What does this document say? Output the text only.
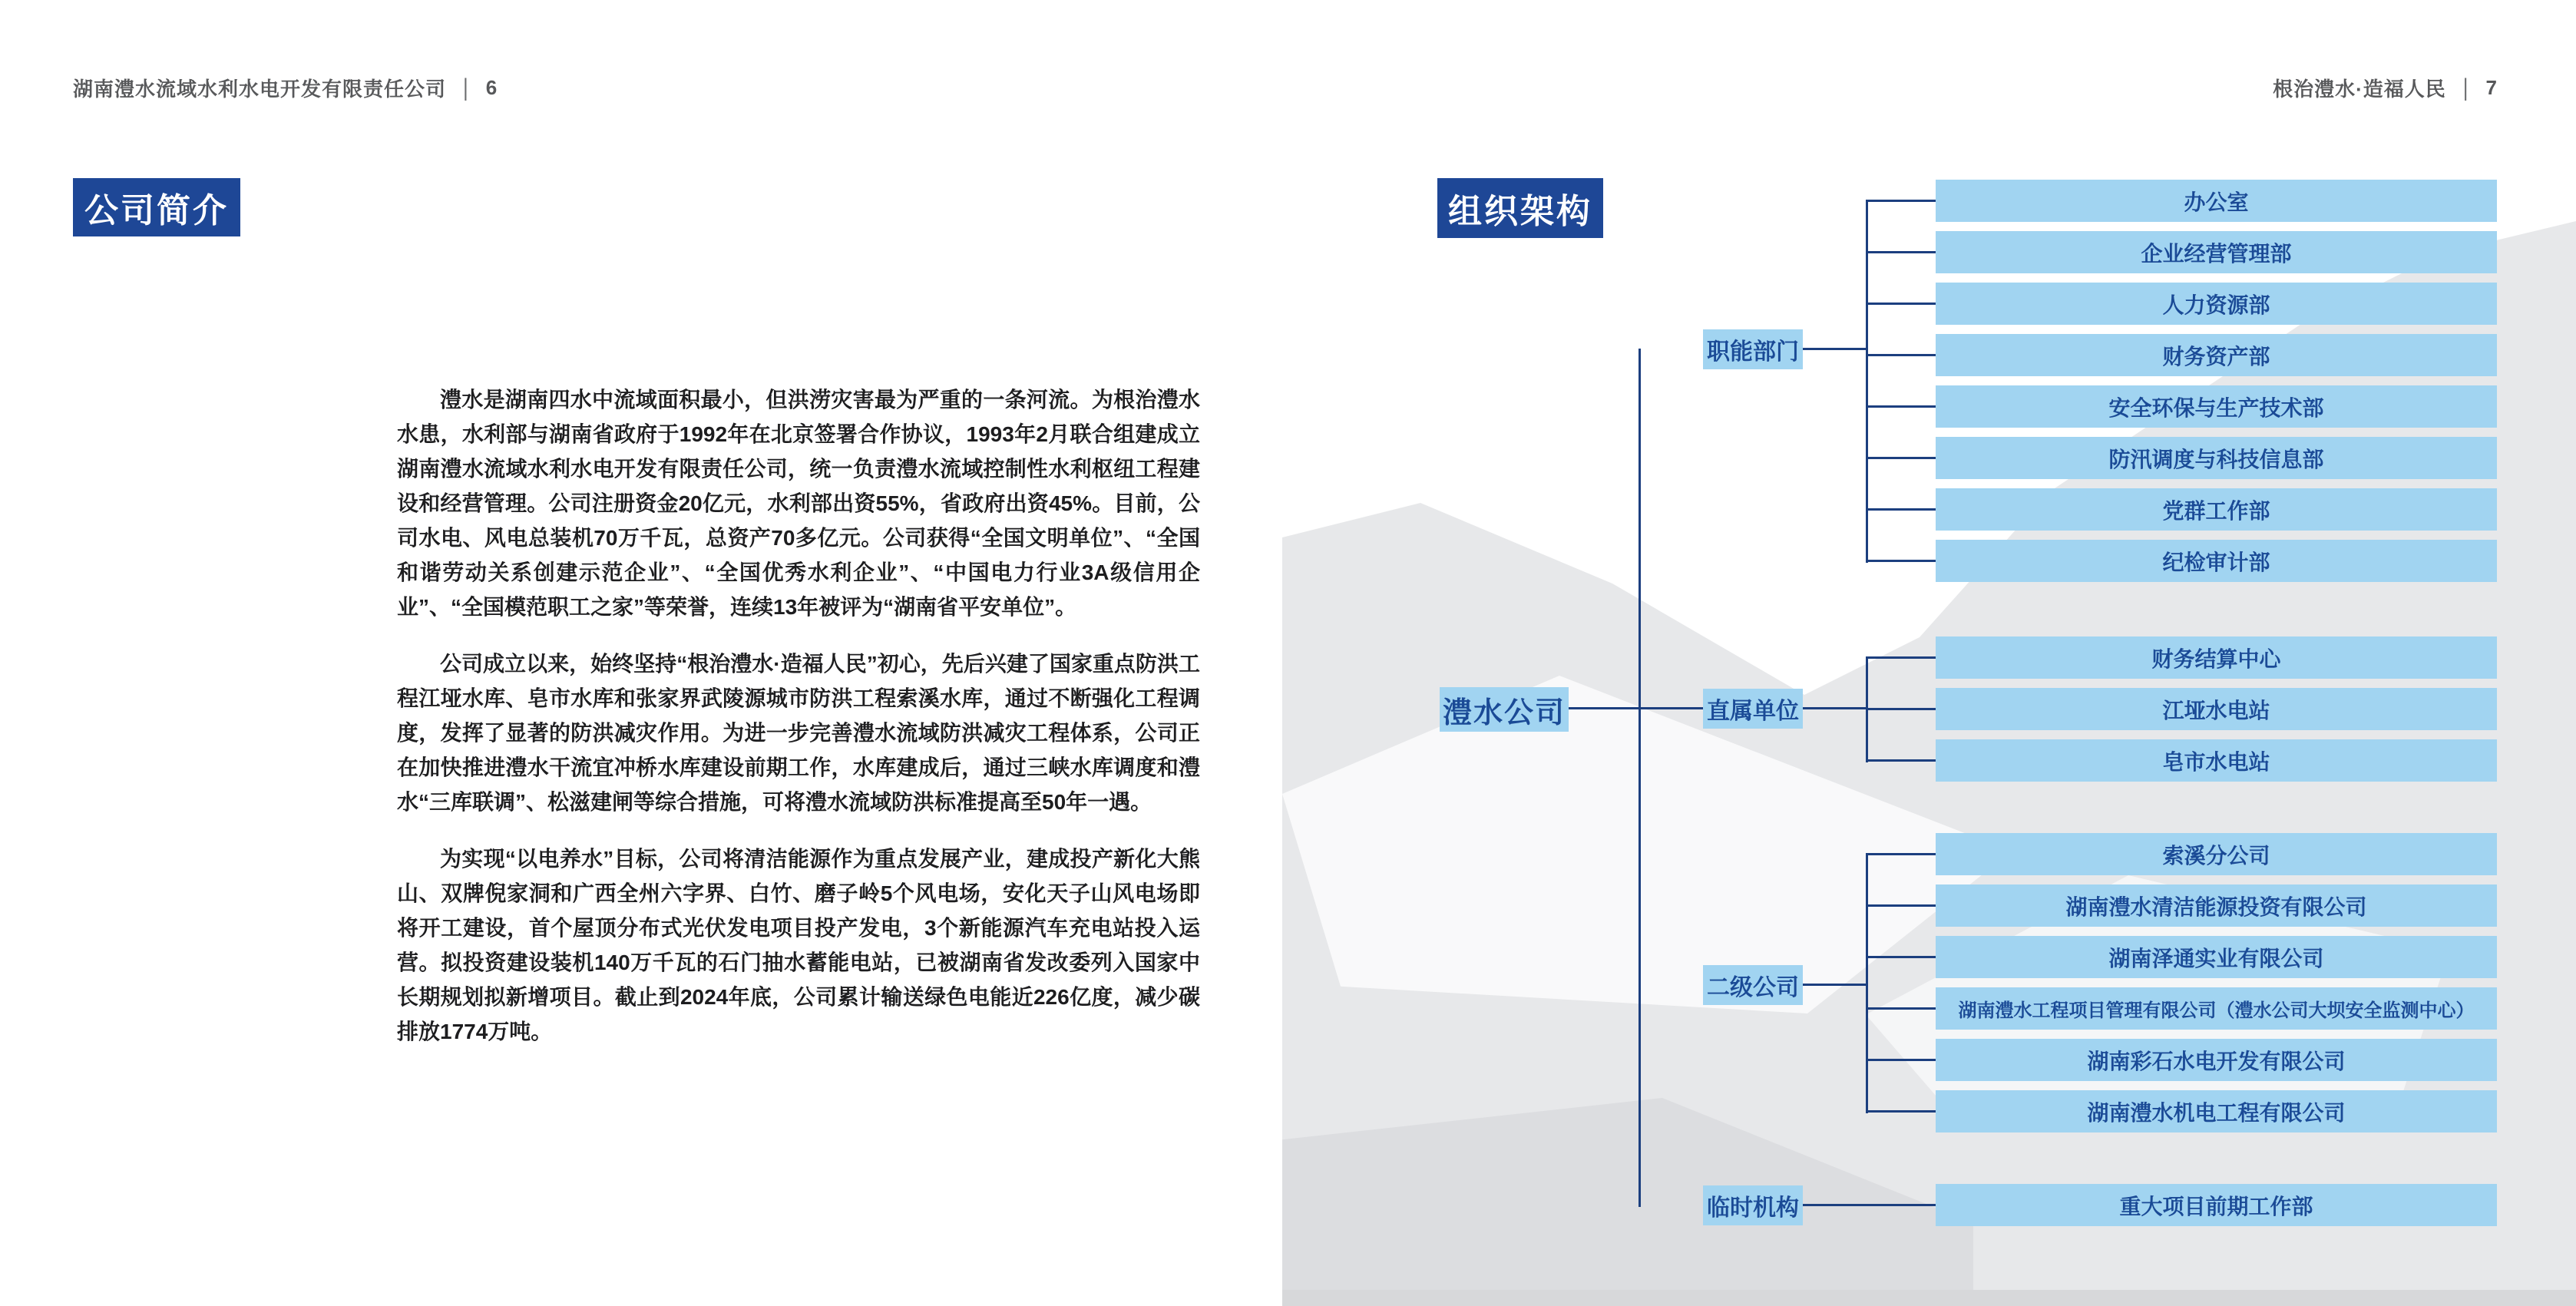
湖南澧水流域水利水电开发有限责任公司 | 6	根治澧水·造福人民 | 7
公司简介	组织架构

澧水是湖南四水中流域面积最小，但洪涝灾害最为严重的一条河流。为根治澧水水患，水利部与湖南省政府于1992年在北京签署合作协议，1993年2月联合组建成立湖南澧水流域水利水电开发有限责任公司，统一负责澧水流域控制性水利枢纽工程建设和经营管理。公司注册资金20亿元，水利部出资55%，省政府出资45%。目前，公司水电、风电总装机70万千瓦，总资产70多亿元。公司获得“全国文明单位”、“全国和谐劳动关系创建示范企业”、“全国优秀水利企业”、“中国电力行业3A级信用企业”、“全国模范职工之家”等荣誉，连续13年被评为“湖南省平安单位”。

公司成立以来，始终坚持“根治澧水·造福人民”初心，先后兴建了国家重点防洪工程江垭水库、皂市水库和张家界武陵源城市防洪工程索溪水库，通过不断强化工程调度，发挥了显著的防洪减灾作用。为进一步完善澧水流域防洪减灾工程体系，公司正在加快推进澧水干流宜冲桥水库建设前期工作，水库建成后，通过三峡水库调度和澧水“三库联调”、松滋建闸等综合措施，可将澧水流域防洪标准提高至50年一遇。

为实现“以电养水”目标，公司将清洁能源作为重点发展产业，建成投产新化大熊山、双牌倪家洞和广西全州六字界、白竹、磨子岭5个风电场，安化天子山风电场即将开工建设，首个屋顶分布式光伏发电项目投产发电，3个新能源汽车充电站投入运营。拟投资建设装机140万千瓦的石门抽水蓄能电站，已被湖南省发改委列入国家中长期规划拟新增项目。截止到2024年底，公司累计输送绿色电能近226亿度，减少碳排放1774万吨。

澧水公司
职能部门
办公室
企业经营管理部
人力资源部
财务资产部
安全环保与生产技术部
防汛调度与科技信息部
党群工作部
纪检审计部
直属单位
财务结算中心
江垭水电站
皂市水电站
二级公司
索溪分公司
湖南澧水清洁能源投资有限公司
湖南泽通实业有限公司
湖南澧水工程项目管理有限公司（澧水公司大坝安全监测中心）
湖南彩石水电开发有限公司
湖南澧水机电工程有限公司
临时机构	重大项目前期工作部
